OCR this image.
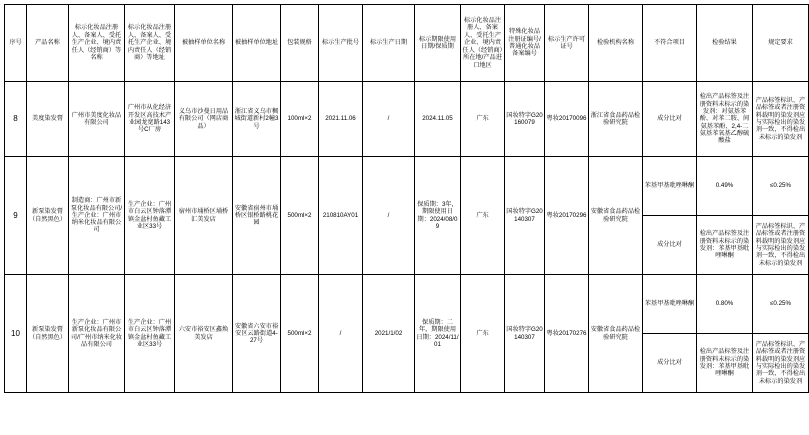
序号	产品名称	标示化妆品注册人、备案人、受托生产企业、境内责任人（经销商）等名称	标示化妆品注册人、备案人、受托生产企业、境内责任人（经销商）等地址	被抽样单位名称	被抽样单位地址	包装规格	标示生产批号	标示生产日期	标示期限使用日期/保质期	标示化妆品注册人、备案人、受托生产企业、境内责任人（经销商）所在地/产品进口地区	特殊化妆品注册证编号/普通化妆品备案编号	标示生产许可证号	检验机构名称	不符合项目	检验结果	规定要求
8	美度染发膏	广州市美度化妆品有限公司	广州市从化经济开发区高技术产业园龙宽路143号C厂房	义乌市沙曼日用品有限公司（网店商品）	浙江省义乌市稠城街道新村2幢3号	100ml×2	2021.11.06	/	2024.11.05	广东	国妆特字G20160079	粤妆20170096	浙江省食品药品检验研究院	成分比对	检出产品标签及注册资料未标示的染发剂：对氨基苯酚、对苯二胺、间氨基苯酚、2,4-二氨基苯氧基乙醇硫酸盐	产品标签标识、产品标签或者注册资料载明的染发剂应与实际检出的染发剂一致，不得检出未标示的染发剂
9	新泵染发膏（自然黑色）	制造商：广州市新泵化妆品有限公司/生产企业：广州市纳米化妆品有限公司	生产企业：广州市白云区钟落潭镇金盆村鱼藏工业区33号	宿州市埇桥区埇桥汇美发店	安徽省宿州市埇桥区银桥路桃花园	500ml×2	210810AY01	/	保质期：3年，期限使用日期：2024/08/09	广东	国妆特字G20140307	粤妆20170296	安徽省食品药品检验研究院	苯基甲基吡唑啉酮	0.49%	≤0.25%
														成分比对	检出产品标签及注册资料未标示的染发剂：苯基甲基吡唑啉酮	产品标签标识、产品标签或者注册资料载明的染发剂应与实际检出的染发剂一致，不得检出未标示的染发剂
10	新泵染发膏（自然黑色）	生产企业：广州市新泵化妆品有限公司/广州市纳米化妆品有限公司	生产企业：广州市白云区钟落潭镇金盆村鱼藏工业区33号	六安市裕安区鑫焕美发店	安徽省六安市裕安区云路街道4-27号	500ml×2	/	2021/1/02	保质期：二年，期限使用日期：2024/11/01	广东	国妆特字G20140307	粤妆20170276	安徽省食品药品检验研究院	苯基甲基吡唑啉酮	0.80%	≤0.25%
														成分比对	检出产品标签及注册资料未标示的染发剂：苯基甲基吡唑啉酮	产品标签标识、产品标签或者注册资料载明的染发剂应与实际检出的染发剂一致，不得检出未标示的染发剂
